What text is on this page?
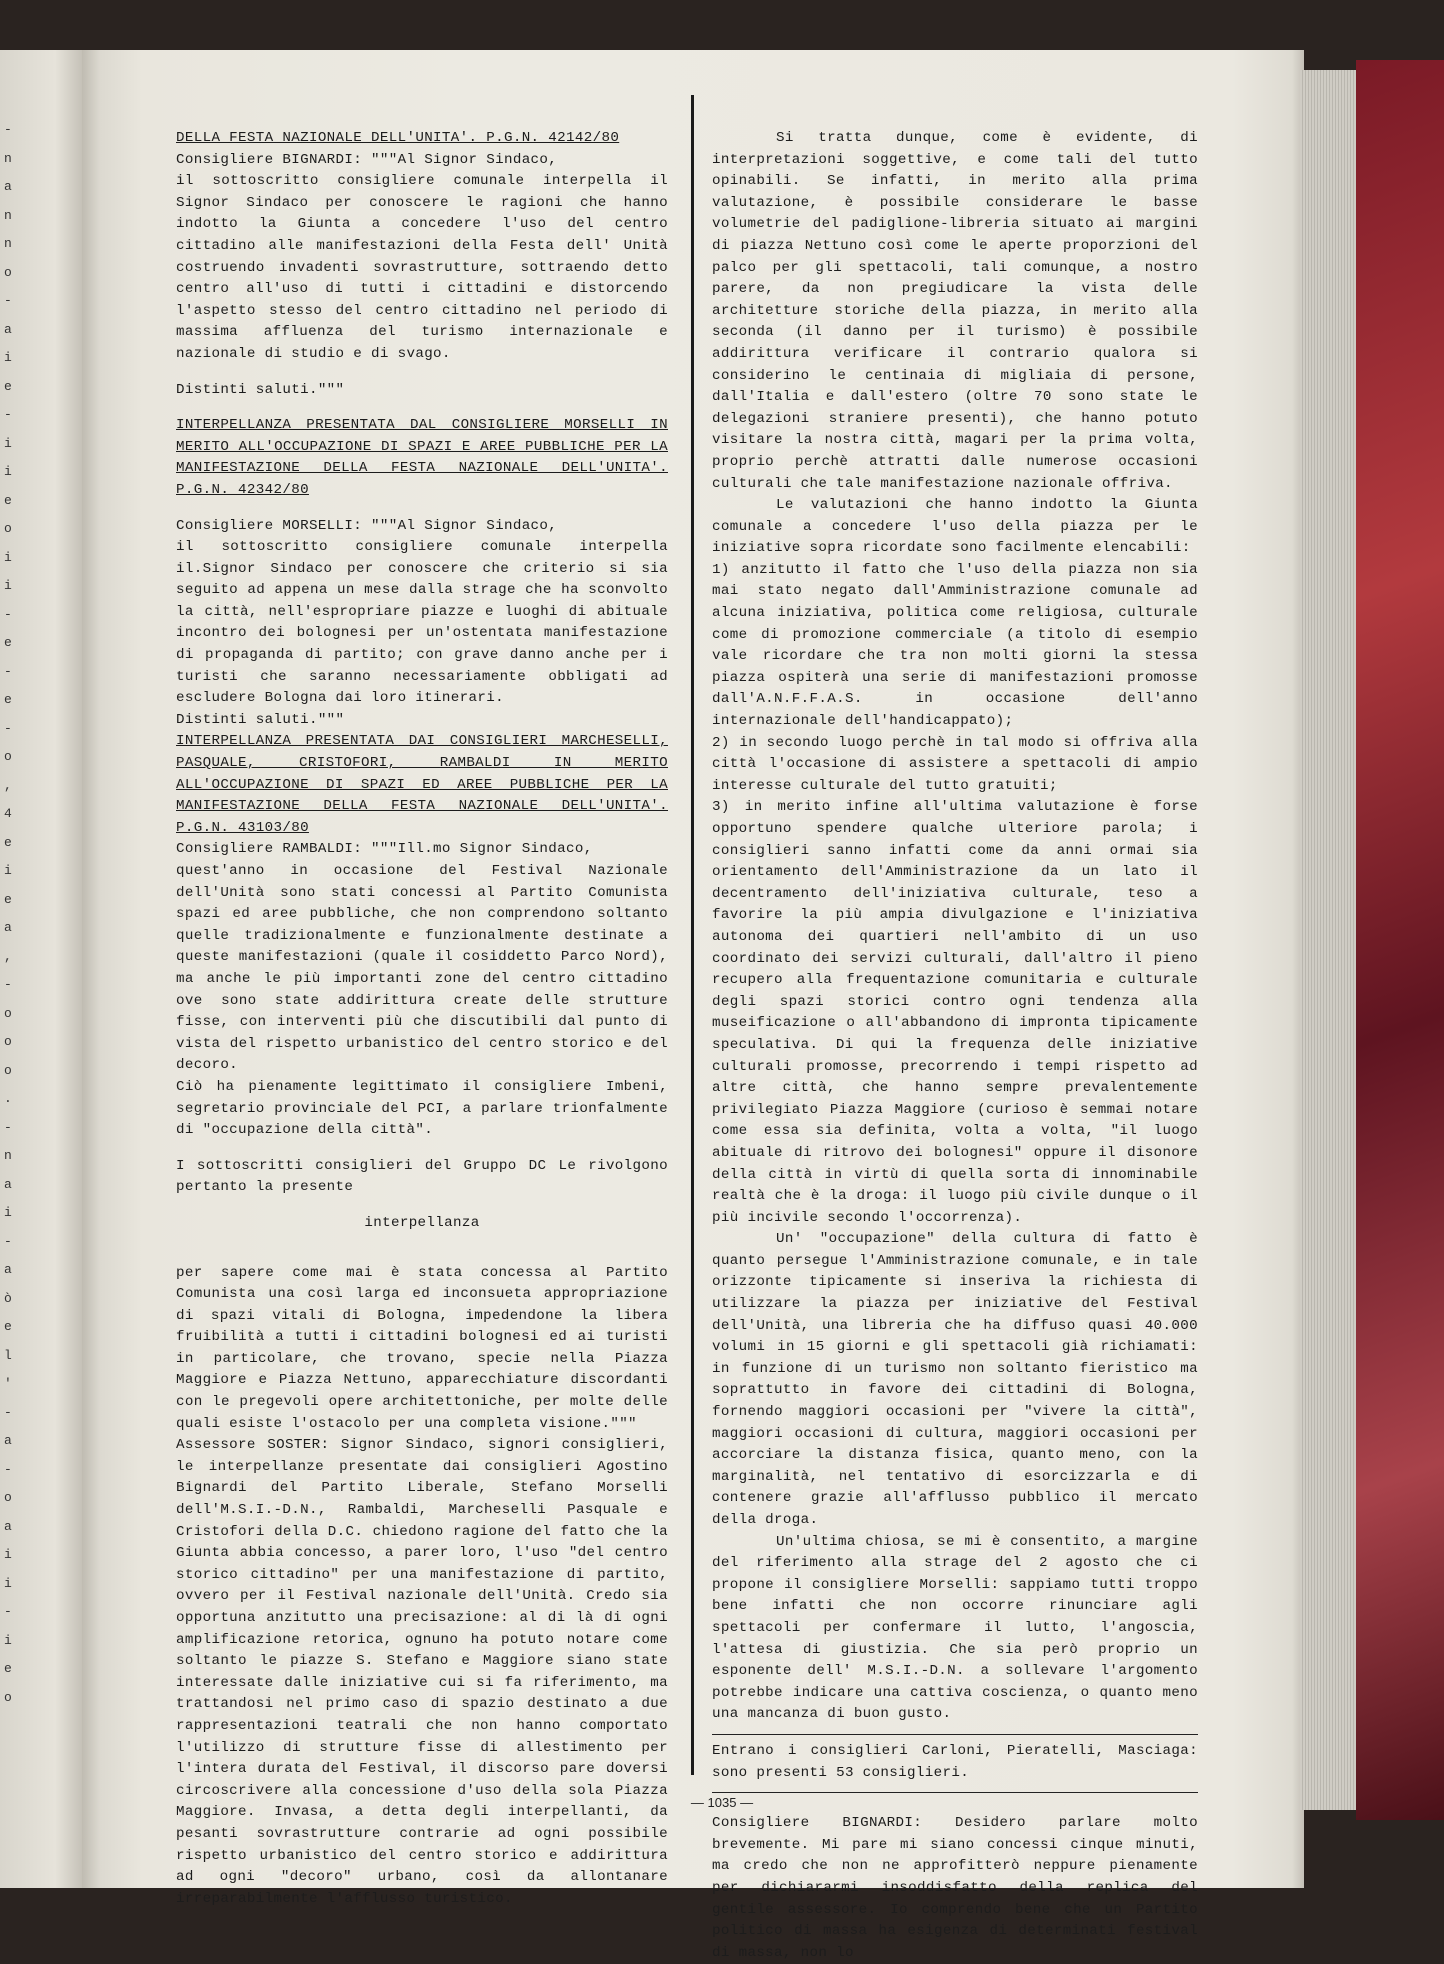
-
n
a
n
n
o
-
a
i
e
-
i
i
e
o
i
i
-
e
-
e
-
o
,
4
e
i
e
a
,
-
o
o
o
.
-
n
a
i
-
a
ò
e
l
'
-
a
-
o
a
i
i
-
i
e
o

DELLA FESTA NAZIONALE DELL'UNITA'. P.G.N. 42142/80

Consigliere BIGNARDI: """Al Signor Sindaco,

il sottoscritto consigliere comunale interpella il Signor Sindaco per conoscere le ragioni che hanno indotto la Giunta a concedere l'uso del centro cittadino alle manifestazioni della Festa dell' Unità costruendo invadenti sovrastrutture, sottraendo detto centro all'uso di tutti i cittadini e distorcendo l'aspetto stesso del centro cittadino nel periodo di massima affluenza del turismo internazionale e nazionale di studio e di svago.

Distinti saluti."""

INTERPELLANZA PRESENTATA DAL CONSIGLIERE MORSELLI IN MERITO ALL'OCCUPAZIONE DI SPAZI E AREE PUBBLICHE PER LA MANIFESTAZIONE DELLA FESTA NAZIONALE DELL'UNITA'. P.G.N. 42342/80

Consigliere MORSELLI: """Al Signor Sindaco,

il sottoscritto consigliere comunale interpella il.Signor Sindaco per conoscere che criterio si sia seguito ad appena un mese dalla strage che ha sconvolto la città, nell'espropriare piazze e luoghi di abituale incontro dei bolognesi per un'ostentata manifestazione di propaganda di partito; con grave danno anche per i turisti che saranno necessariamente obbligati ad escludere Bologna dai loro itinerari.

Distinti saluti."""

INTERPELLANZA PRESENTATA DAI CONSIGLIERI MARCHESELLI, PASQUALE, CRISTOFORI, RAMBALDI IN MERITO ALL'OCCUPAZIONE DI SPAZI ED AREE PUBBLICHE PER LA MANIFESTAZIONE DELLA FESTA NAZIONALE DELL'UNITA'. P.G.N. 43103/80

Consigliere RAMBALDI: """Ill.mo Signor Sindaco,

quest'anno in occasione del Festival Nazionale dell'Unità sono stati concessi al Partito Comunista spazi ed aree pubbliche, che non comprendono soltanto quelle tradizionalmente e funzionalmente destinate a queste manifestazioni (quale il cosiddetto Parco Nord), ma anche le più importanti zone del centro cittadino ove sono state addirittura create delle strutture fisse, con interventi più che discutibili dal punto di vista del rispetto urbanistico del centro storico e del decoro.

Ciò ha pienamente legittimato il consigliere Imbeni, segretario provinciale del PCI, a parlare trionfalmente di "occupazione della città".

I sottoscritti consiglieri del Gruppo DC Le rivolgono pertanto la presente

interpellanza

per sapere come mai è stata concessa al Partito Comunista una così larga ed inconsueta appropriazione di spazi vitali di Bologna, impedendone la libera fruibilità a tutti i cittadini bolognesi ed ai turisti in particolare, che trovano, specie nella Piazza Maggiore e Piazza Nettuno, apparecchiature discordanti con le pregevoli opere architettoniche, per molte delle quali esiste l'ostacolo per una completa visione."""

Assessore SOSTER: Signor Sindaco, signori consiglieri, le interpellanze presentate dai consiglieri Agostino Bignardi del Partito Liberale, Stefano Morselli dell'M.S.I.-D.N., Rambaldi, Marcheselli Pasquale e Cristofori della D.C. chiedono ragione del fatto che la Giunta abbia concesso, a parer loro, l'uso "del centro storico cittadino" per una manifestazione di partito, ovvero per il Festival nazionale dell'Unità. Credo sia opportuna anzitutto una precisazione: al di là di ogni amplificazione retorica, ognuno ha potuto notare come soltanto le piazze S. Stefano e Maggiore siano state interessate dalle iniziative cui si fa riferimento, ma trattandosi nel primo caso di spazio destinato a due rappresentazioni teatrali che non hanno comportato l'utilizzo di strutture fisse di allestimento per l'intera durata del Festival, il discorso pare doversi circoscrivere alla concessione d'uso della sola Piazza Maggiore. Invasa, a detta degli interpellanti, da pesanti sovrastrutture contrarie ad ogni possibile rispetto urbanistico del centro storico e addirittura ad ogni "decoro" urbano, così da allontanare irreparabilmente l'afflusso turistico.

Si tratta dunque, come è evidente, di interpretazioni soggettive, e come tali del tutto opinabili. Se infatti, in merito alla prima valutazione, è possibile considerare le basse volumetrie del padiglione-libreria situato ai margini di piazza Nettuno così come le aperte proporzioni del palco per gli spettacoli, tali comunque, a nostro parere, da non pregiudicare la vista delle architetture storiche della piazza, in merito alla seconda (il danno per il turismo) è possibile addirittura verificare il contrario qualora si considerino le centinaia di migliaia di persone, dall'Italia e dall'estero (oltre 70 sono state le delegazioni straniere presenti), che hanno potuto visitare la nostra città, magari per la prima volta, proprio perchè attratti dalle numerose occasioni culturali che tale manifestazione nazionale offriva.

Le valutazioni che hanno indotto la Giunta comunale a concedere l'uso della piazza per le iniziative sopra ricordate sono facilmente elencabili:

1) anzitutto il fatto che l'uso della piazza non sia mai stato negato dall'Amministrazione comunale ad alcuna iniziativa, politica come religiosa, culturale come di promozione commerciale (a titolo di esempio vale ricordare che tra non molti giorni la stessa piazza ospiterà una serie di manifestazioni promosse dall'A.N.F.F.A.S. in occasione dell'anno internazionale dell'handicappato);

2) in secondo luogo perchè in tal modo si offriva alla città l'occasione di assistere a spettacoli di ampio interesse culturale del tutto gratuiti;

3) in merito infine all'ultima valutazione è forse opportuno spendere qualche ulteriore parola; i consiglieri sanno infatti come da anni ormai sia orientamento dell'Amministrazione da un lato il decentramento dell'iniziativa culturale, teso a favorire la più ampia divulgazione e l'iniziativa autonoma dei quartieri nell'ambito di un uso coordinato dei servizi culturali, dall'altro il pieno recupero alla frequentazione comunitaria e culturale degli spazi storici contro ogni tendenza alla museificazione o all'abbandono di impronta tipicamente speculativa. Di qui la frequenza delle iniziative culturali promosse, precorrendo i tempi rispetto ad altre città, che hanno sempre prevalentemente privilegiato Piazza Maggiore (curioso è semmai notare come essa sia definita, volta a volta, "il luogo abituale di ritrovo dei bolognesi" oppure il disonore della città in virtù di quella sorta di innominabile realtà che è la droga: il luogo più civile dunque o il più incivile secondo l'occorrenza).

Un' "occupazione" della cultura di fatto è quanto persegue l'Amministrazione comunale, e in tale orizzonte tipicamente si inseriva la richiesta di utilizzare la piazza per iniziative del Festival dell'Unità, una libreria che ha diffuso quasi 40.000 volumi in 15 giorni e gli spettacoli già richiamati: in funzione di un turismo non soltanto fieristico ma soprattutto in favore dei cittadini di Bologna, fornendo maggiori occasioni per "vivere la città", maggiori occasioni di cultura, maggiori occasioni per accorciare la distanza fisica, quanto meno, con la marginalità, nel tentativo di esorcizzarla e di contenere grazie all'afflusso pubblico il mercato della droga.

Un'ultima chiosa, se mi è consentito, a margine del riferimento alla strage del 2 agosto che ci propone il consigliere Morselli: sappiamo tutti troppo bene infatti che non occorre rinunciare agli spettacoli per confermare il lutto, l'angoscia, l'attesa di giustizia. Che sia però proprio un esponente dell' M.S.I.-D.N. a sollevare l'argomento potrebbe indicare una cattiva coscienza, o quanto meno una mancanza di buon gusto.

Entrano i consiglieri Carloni, Pieratelli, Masciaga: sono presenti 53 consiglieri.

Consigliere BIGNARDI: Desidero parlare molto brevemente. Mi pare mi siano concessi cinque minuti, ma credo che non ne approfitterò neppure pienamente per dichiararmi insoddisfatto della replica del gentile assessore. Io comprendo bene che un Partito politico di massa ha esigenza di determinati festival di massa, non lo

— 1035 —
